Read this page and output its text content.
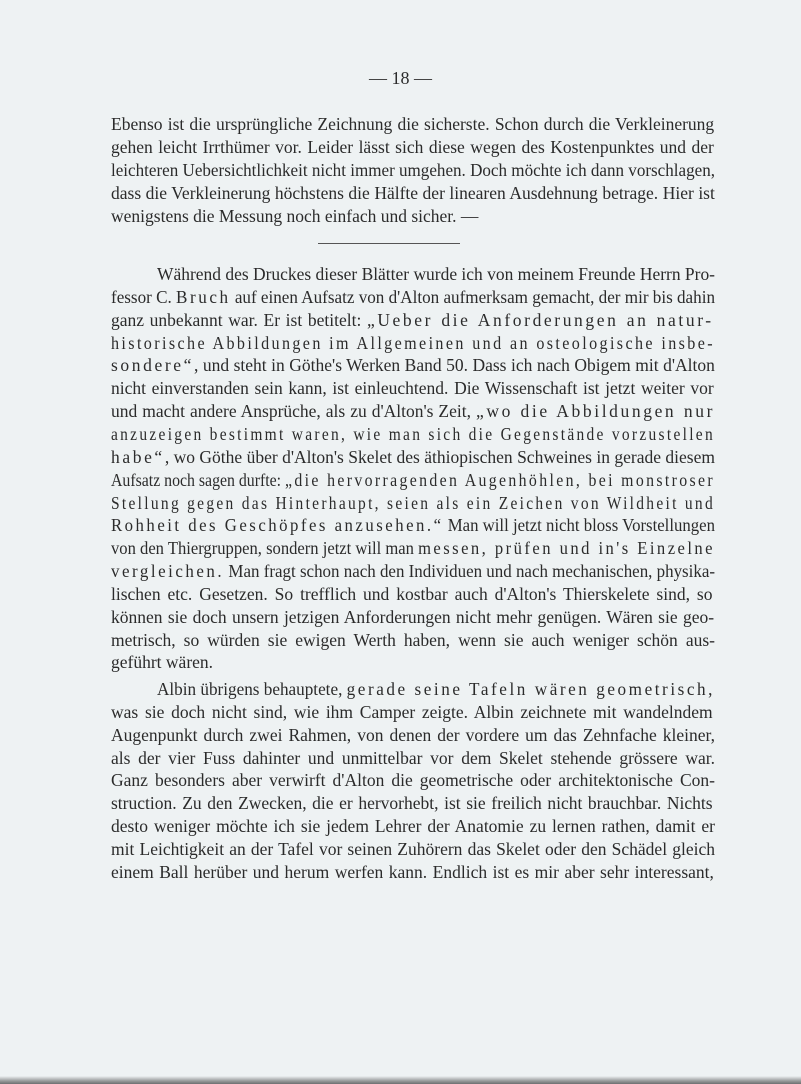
— 18 —
Ebenso ist die ursprüngliche Zeichnung die sicherste. Schon durch die Verkleinerung
gehen leicht Irrthümer vor. Leider lässt sich diese wegen des Kostenpunktes und der
leichteren Uebersichtlichkeit nicht immer umgehen. Doch möchte ich dann vorschlagen,
dass die Verkleinerung höchstens die Hälfte der linearen Ausdehnung betrage. Hier ist
wenigstens die Messung noch einfach und sicher. —
Während des Druckes dieser Blätter wurde ich von meinem Freunde Herrn Pro-
fessor C. Bruch auf einen Aufsatz von d'Alton aufmerksam gemacht, der mir bis dahin
ganz unbekannt war. Er ist betitelt: „Ueber die Anforderungen an natur-
historische Abbildungen im Allgemeinen und an osteologische insbe-
sondere“, und steht in Göthe's Werken Band 50. Dass ich nach Obigem mit d'Alton
nicht einverstanden sein kann, ist einleuchtend. Die Wissenschaft ist jetzt weiter vor
und macht andere Ansprüche, als zu d'Alton's Zeit, „wo die Abbildungen nur
anzuzeigen bestimmt waren, wie man sich die Gegenstände vorzustellen
habe“, wo Göthe über d'Alton's Skelet des äthiopischen Schweines in gerade diesem
Aufsatz noch sagen durfte: „die hervorragenden Augenhöhlen, bei monstroser
Stellung gegen das Hinterhaupt, seien als ein Zeichen von Wildheit und
Rohheit des Geschöpfes anzusehen.“ Man will jetzt nicht bloss Vorstellungen
von den Thiergruppen, sondern jetzt will man messen, prüfen und in's Einzelne
vergleichen. Man fragt schon nach den Individuen und nach mechanischen, physika-
lischen etc. Gesetzen. So trefflich und kostbar auch d'Alton's Thierskelete sind, so
können sie doch unsern jetzigen Anforderungen nicht mehr genügen. Wären sie geo-
metrisch, so würden sie ewigen Werth haben, wenn sie auch weniger schön aus-
geführt wären.
Albin übrigens behauptete, gerade seine Tafeln wären geometrisch,
was sie doch nicht sind, wie ihm Camper zeigte. Albin zeichnete mit wandelndem
Augenpunkt durch zwei Rahmen, von denen der vordere um das Zehnfache kleiner,
als der vier Fuss dahinter und unmittelbar vor dem Skelet stehende grössere war.
Ganz besonders aber verwirft d'Alton die geometrische oder architektonische Con-
struction. Zu den Zwecken, die er hervorhebt, ist sie freilich nicht brauchbar. Nichts
desto weniger möchte ich sie jedem Lehrer der Anatomie zu lernen rathen, damit er
mit Leichtigkeit an der Tafel vor seinen Zuhörern das Skelet oder den Schädel gleich
einem Ball herüber und herum werfen kann. Endlich ist es mir aber sehr interessant,
